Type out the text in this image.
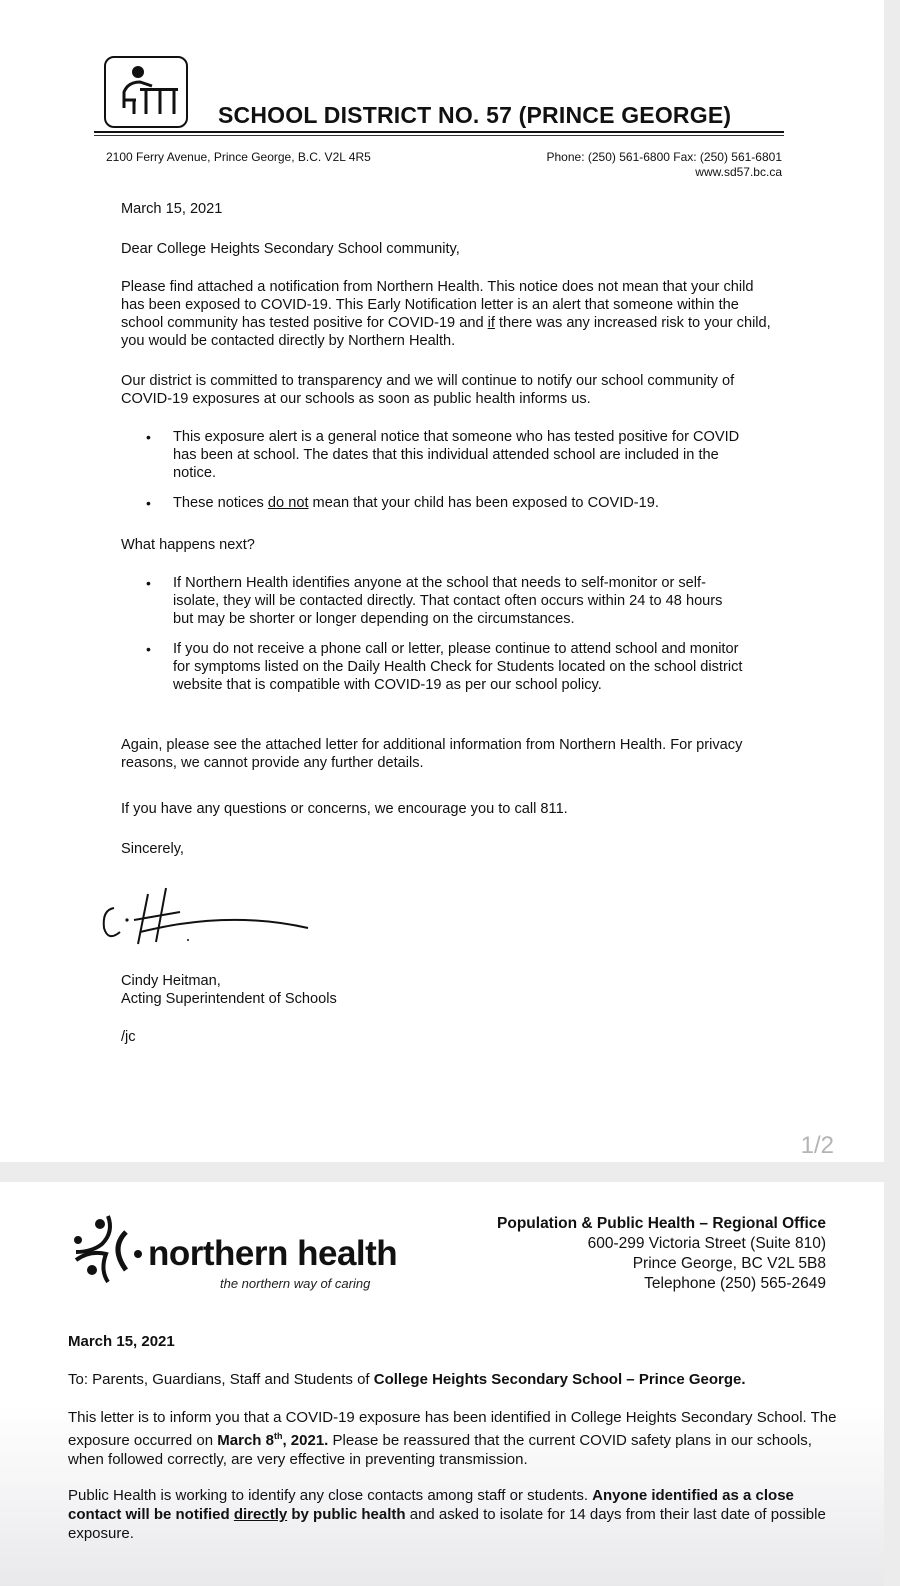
SCHOOL DISTRICT NO. 57 (PRINCE GEORGE)
2100 Ferry Avenue, Prince George, B.C. V2L 4R5	Phone: (250) 561-6800 Fax: (250) 561-6801
www.sd57.bc.ca
March 15, 2021
Dear College Heights Secondary School community,
Please find attached a notification from Northern Health. This notice does not mean that your child has been exposed to COVID-19. This Early Notification letter is an alert that someone within the school community has tested positive for COVID-19 and if there was any increased risk to your child, you would be contacted directly by Northern Health.
Our district is committed to transparency and we will continue to notify our school community of COVID-19 exposures at our schools as soon as public health informs us.
• This exposure alert is a general notice that someone who has tested positive for COVID has been at school. The dates that this individual attended school are included in the notice.
• These notices do not mean that your child has been exposed to COVID-19.
What happens next?
• If Northern Health identifies anyone at the school that needs to self-monitor or self-isolate, they will be contacted directly. That contact often occurs within 24 to 48 hours but may be shorter or longer depending on the circumstances.
• If you do not receive a phone call or letter, please continue to attend school and monitor for symptoms listed on the Daily Health Check for Students located on the school district website that is compatible with COVID-19 as per our school policy.
Again, please see the attached letter for additional information from Northern Health. For privacy reasons, we cannot provide any further details.
If you have any questions or concerns, we encourage you to call 811.
Sincerely,
Cindy Heitman,
Acting Superintendent of Schools
/jc
1/2
northern health
the northern way of caring
Population & Public Health – Regional Office
600-299 Victoria Street (Suite 810)
Prince George, BC V2L 5B8
Telephone (250) 565-2649
March 15, 2021
To: Parents, Guardians, Staff and Students of College Heights Secondary School – Prince George.
This letter is to inform you that a COVID-19 exposure has been identified in College Heights Secondary School. The exposure occurred on March 8th, 2021. Please be reassured that the current COVID safety plans in our schools, when followed correctly, are very effective in preventing transmission.
Public Health is working to identify any close contacts among staff or students. Anyone identified as a close contact will be notified directly by public health and asked to isolate for 14 days from their last date of possible exposure.
